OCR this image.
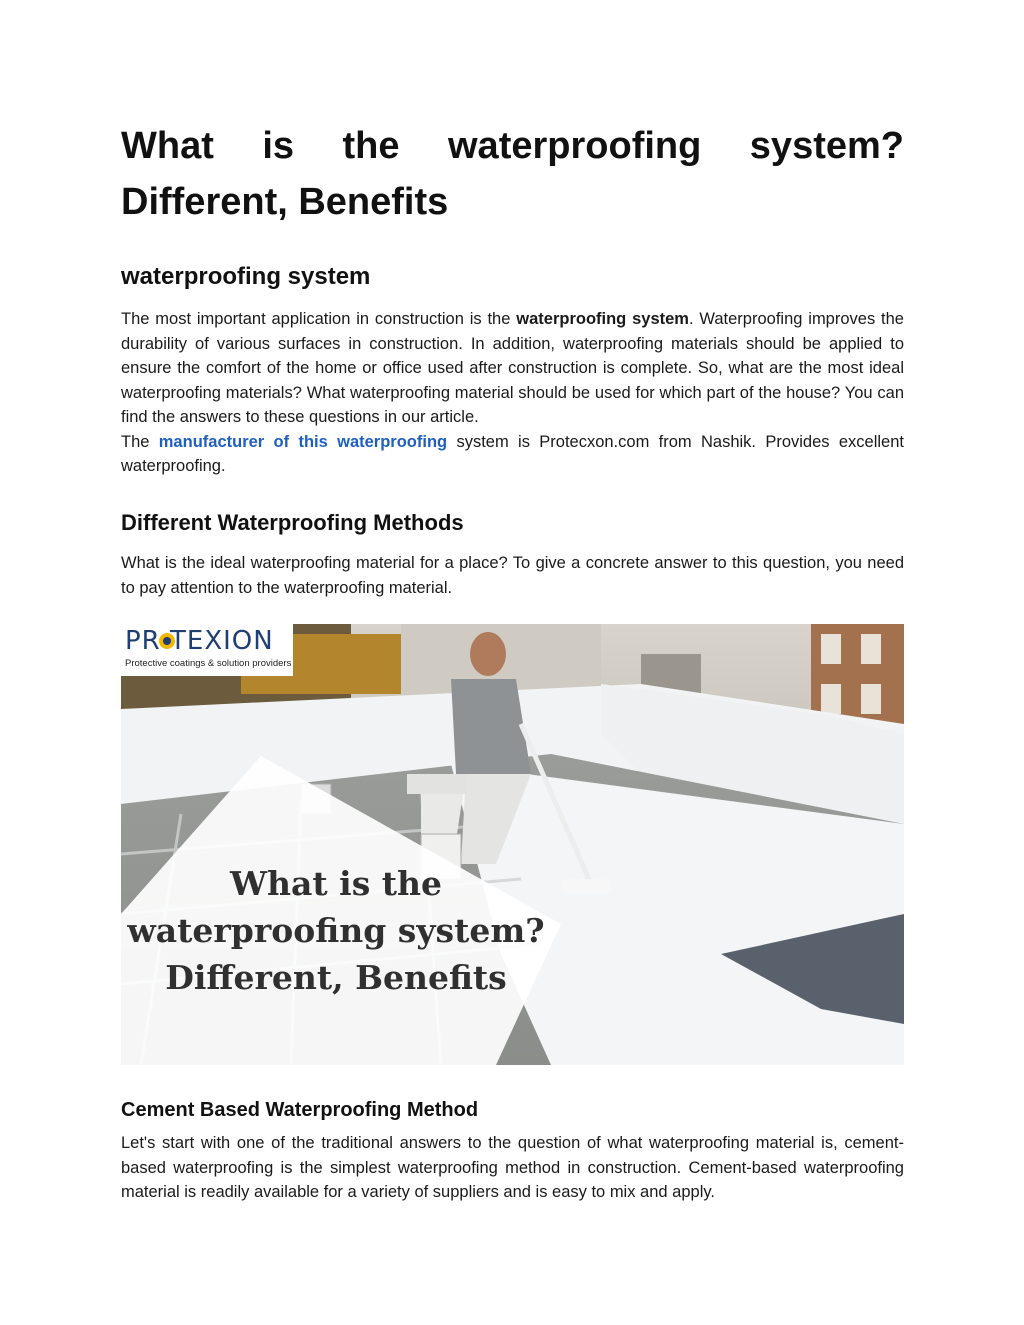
What is the waterproofing system? Different, Benefits
waterproofing system

The most important application in construction is the waterproofing system. Waterproofing improves the durability of various surfaces in construction. In addition, waterproofing materials should be applied to ensure the comfort of the home or office used after construction is complete. So, what are the most ideal waterproofing materials? What waterproofing material should be used for which part of the house? You can find the answers to these questions in our article.

The manufacturer of this waterproofing system is Protecxon.com from Nashik. Provides excellent waterproofing.

Different Waterproofing Methods

What is the ideal waterproofing material for a place? To give a concrete answer to this question, you need to pay attention to the waterproofing material.

PR TEXION
Protective coatings & solution providers
What is the waterproofing system? Different, Benefits
Cement Based Waterproofing Method

Let's start with one of the traditional answers to the question of what waterproofing material is, cement-based waterproofing is the simplest waterproofing method in construction. Cement-based waterproofing material is readily available for a variety of suppliers and is easy to mix and apply.
